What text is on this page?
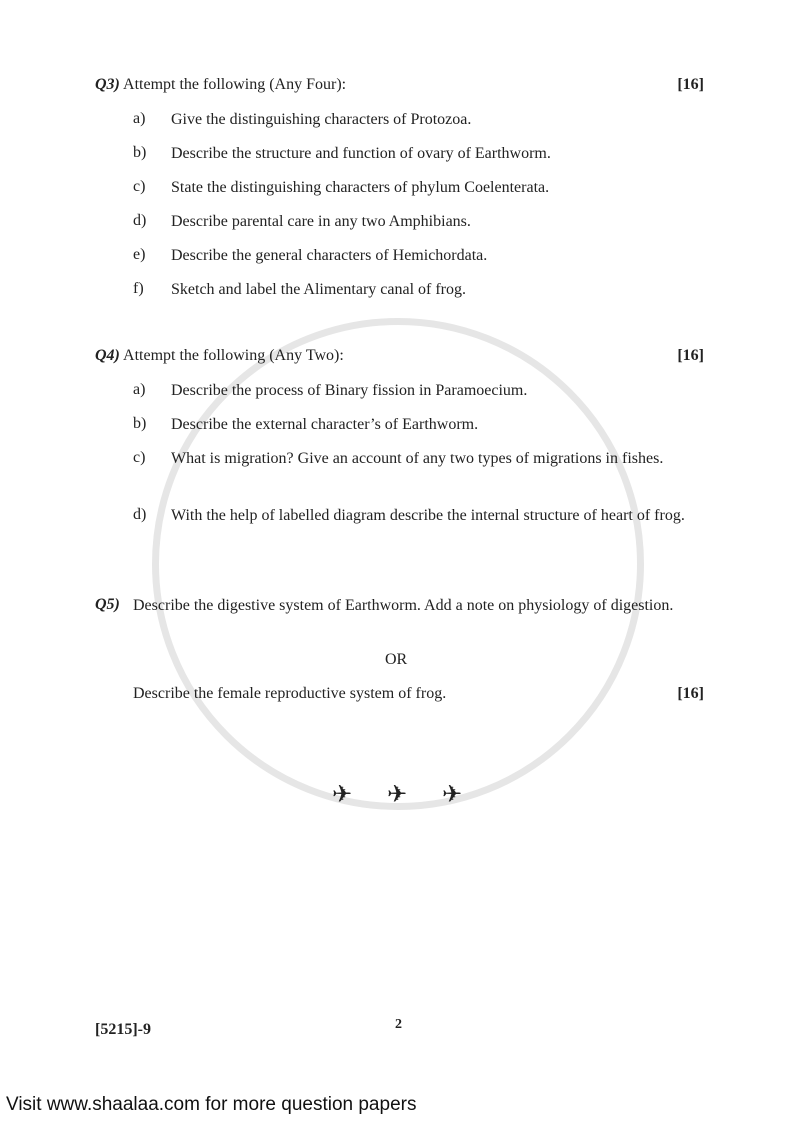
Q3) Attempt the following (Any Four):	[16]
a) Give the distinguishing characters of Protozoa.
b) Describe the structure and function of ovary of Earthworm.
c) State the distinguishing characters of phylum Coelenterata.
d) Describe parental care in any two Amphibians.
e) Describe the general characters of Hemichordata.
f) Sketch and label the Alimentary canal of frog.
Q4) Attempt the following (Any Two):	[16]
a) Describe the process of Binary fission in Paramoecium.
b) Describe the external character’s of Earthworm.
c) What is migration? Give an account of any two types of migrations in fishes.
d) With the help of labelled diagram describe the internal structure of heart of frog.
Q5) Describe the digestive system of Earthworm. Add a note on physiology of digestion.
OR
Describe the female reproductive system of frog.	[16]
✈ ✈ ✈
[5215]-9	2
Visit www.shaalaa.com for more question papers
